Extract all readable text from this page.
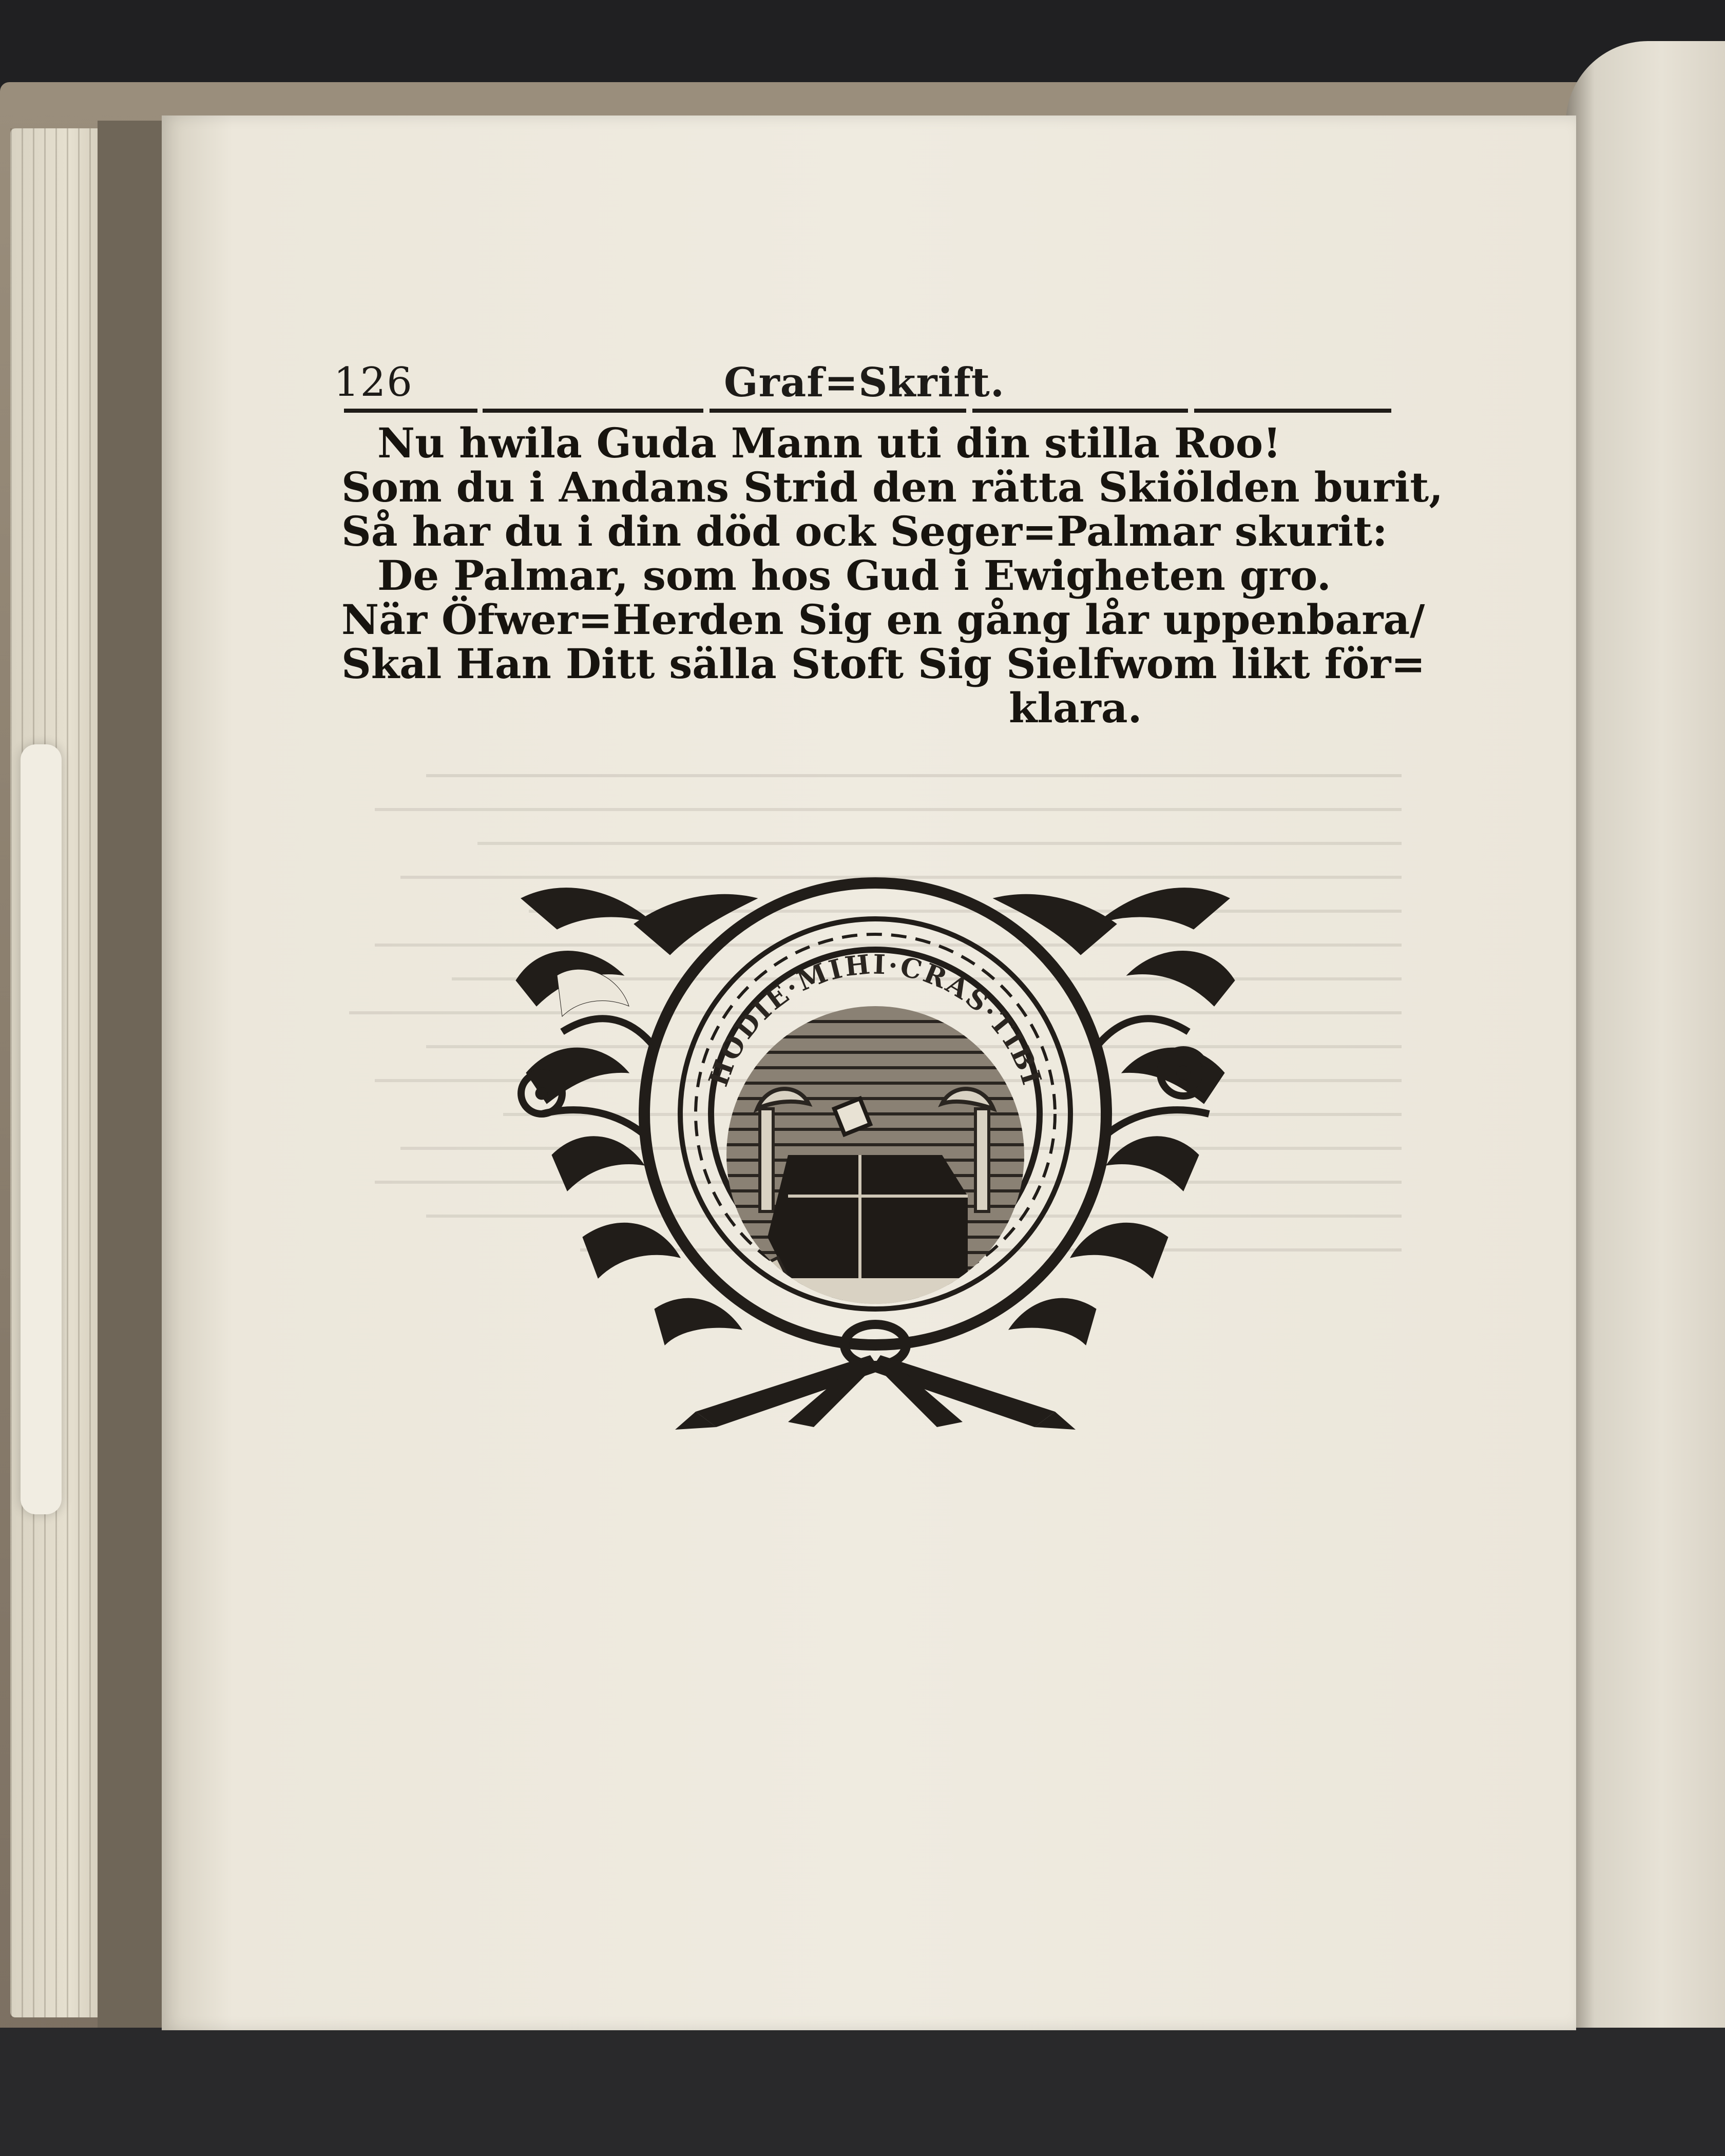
126	Graf=Skrift.
Nu hwila Guda Mann uti din stilla Roo!
Som du i Andans Strid den rätta Skiölden burit,
Så har du i din död ock Seger=Palmar skurit:
De Palmar, som hos Gud i Ewigheten gro.
När Öfwer=Herden Sig en gång lår uppenbara/
Skal Han Ditt sälla Stoft Sig Sielfwom likt för=
klara.
HODIE·MIHI·CRAS·TIBI
